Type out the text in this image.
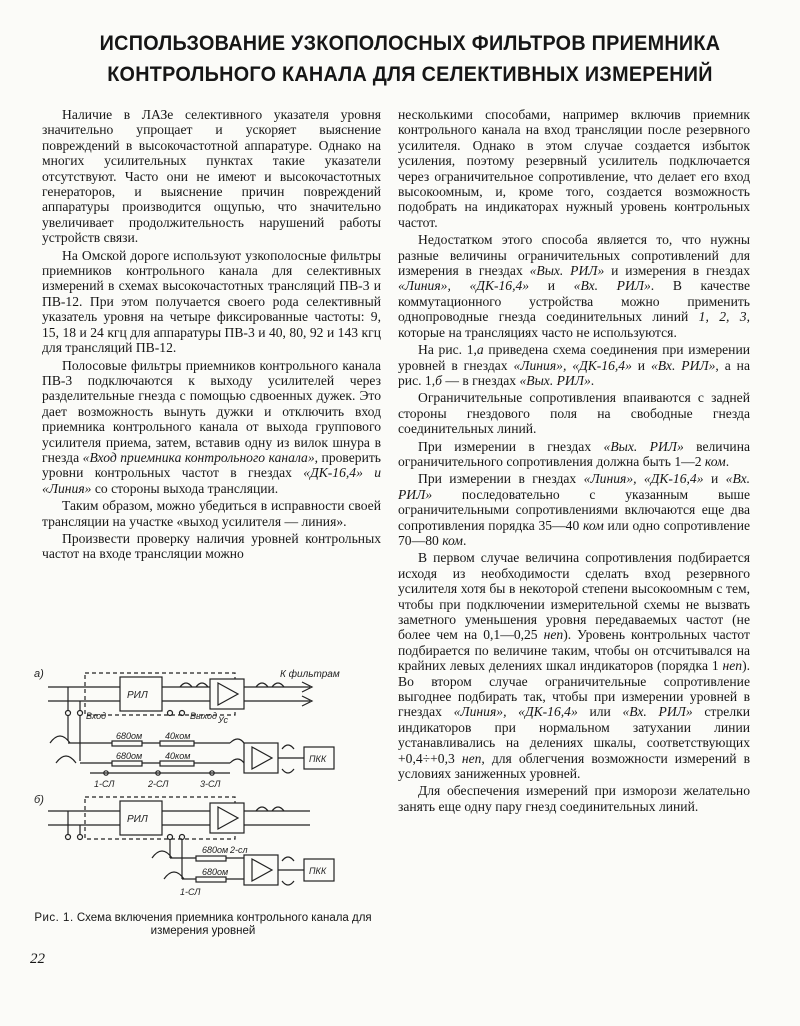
ИСПОЛЬЗОВАНИЕ УЗКОПОЛОСНЫХ ФИЛЬТРОВ ПРИЕМНИКА
КОНТРОЛЬНОГО КАНАЛА ДЛЯ СЕЛЕКТИВНЫХ ИЗМЕРЕНИЙ

Наличие в ЛАЗе селективного указателя уровня значительно упрощает и ускоряет выяснение повреждений в высокочастотной аппаратуре. Однако на многих усилительных пунктах такие указатели отсутствуют. Часто они не имеют и высокочастотных генераторов, и выяснение причин повреждений аппаратуры производится ощупью, что значительно увеличивает продолжительность нарушений работы устройств связи.

На Омской дороге используют узкополосные фильтры приемников контрольного канала для селективных измерений в схемах высокочастотных трансляций ПВ-3 и ПВ-12. При этом получается своего рода селективный указатель уровня на четыре фиксированные частоты: 9, 15, 18 и 24 кгц для аппаратуры ПВ-3 и 40, 80, 92 и 143 кгц для трансляций ПВ-12.

Полосовые фильтры приемников контрольного канала ПВ-3 подключаются к выходу усилителей через разделительные гнезда с помощью сдвоенных дужек. Это дает возможность вынуть дужки и отключить вход приемника контрольного канала от выхода группового усилителя приема, затем, вставив одну из вилок шнура в гнезда «Вход приемника контрольного канала», проверить уровни контрольных частот в гнездах «ДК-16,4» и «Линия» со стороны выхода трансляции.

Таким образом, можно убедиться в исправности своей трансляции на участке «выход усилителя — линия».

Произвести проверку наличия уровней контрольных частот на входе трансляции можно

несколькими способами, например включив приемник контрольного канала на вход трансляции после резервного усилителя. Однако в этом случае создается избыток усиления, поэтому резервный усилитель подключается через ограничительное сопротивление, что делает его вход высокоомным, и, кроме того, создается возможность подобрать на индикаторах нужный уровень контрольных частот.

Недостатком этого способа является то, что нужны разные величины ограничительных сопротивлений для измерения в гнездах «Вых. РИЛ» и измерения в гнездах «Линия», «ДК-16,4» и «Вх. РИЛ». В качестве коммутационного устройства можно применить однопроводные гнезда соединительных линий 1, 2, 3, которые на трансляциях часто не используются.

На рис. 1,а приведена схема соединения при измерении уровней в гнездах «Линия», «ДК-16,4» и «Вх. РИЛ», а на рис. 1,б — в гнездах «Вых. РИЛ».

Ограничительные сопротивления впаиваются с задней стороны гнездового поля на свободные гнезда соединительных линий.

При измерении в гнездах «Вых. РИЛ» величина ограничительного сопротивления должна быть 1—2 ком.

При измерении в гнездах «Линия», «ДК-16,4» и «Вх. РИЛ» последовательно с указанным выше ограничительными сопротивлениями включаются еще два сопротивления порядка 35—40 ком или одно сопротивление 70—80 ком.

В первом случае величина сопротивления подбирается исходя из необходимости сделать вход резервного усилителя хотя бы в некоторой степени высокоомным с тем, чтобы при подключении измерительной схемы не вызвать заметного уменьшения уровня передаваемых частот (не более чем на 0,1—0,25 неп). Уровень контрольных частот подбирается по величине таким, чтобы он отсчитывался на крайних левых делениях шкал индикаторов (порядка 1 неп). Во втором случае ограничительные сопротивление выгоднее подбирать так, чтобы при измерении уровней в гнездах «Линия», «ДК-16,4» или «Вх. РИЛ» стрелки индикаторов при нормальном затухании линии устанавливались на делениях шкалы, соответствующих +0,4÷+0,3 неп, для облегчения возможности измерений в условиях заниженных уровней.

Для обеспечения измерений при изморози желательно занять еще одну пару гнезд соединительных линий.

а)	К фильтрам
РИЛ
Ус
Вход	Выход
680ом	40ком
680ом	40ком	ПКК
1-СЛ	2-СЛ	3-СЛ
б)
РИЛ
680ом 2-сл
680ом
1-СЛ
ПКК
Рис. 1. Схема включения приемника контрольного канала для измерения уровней
22
